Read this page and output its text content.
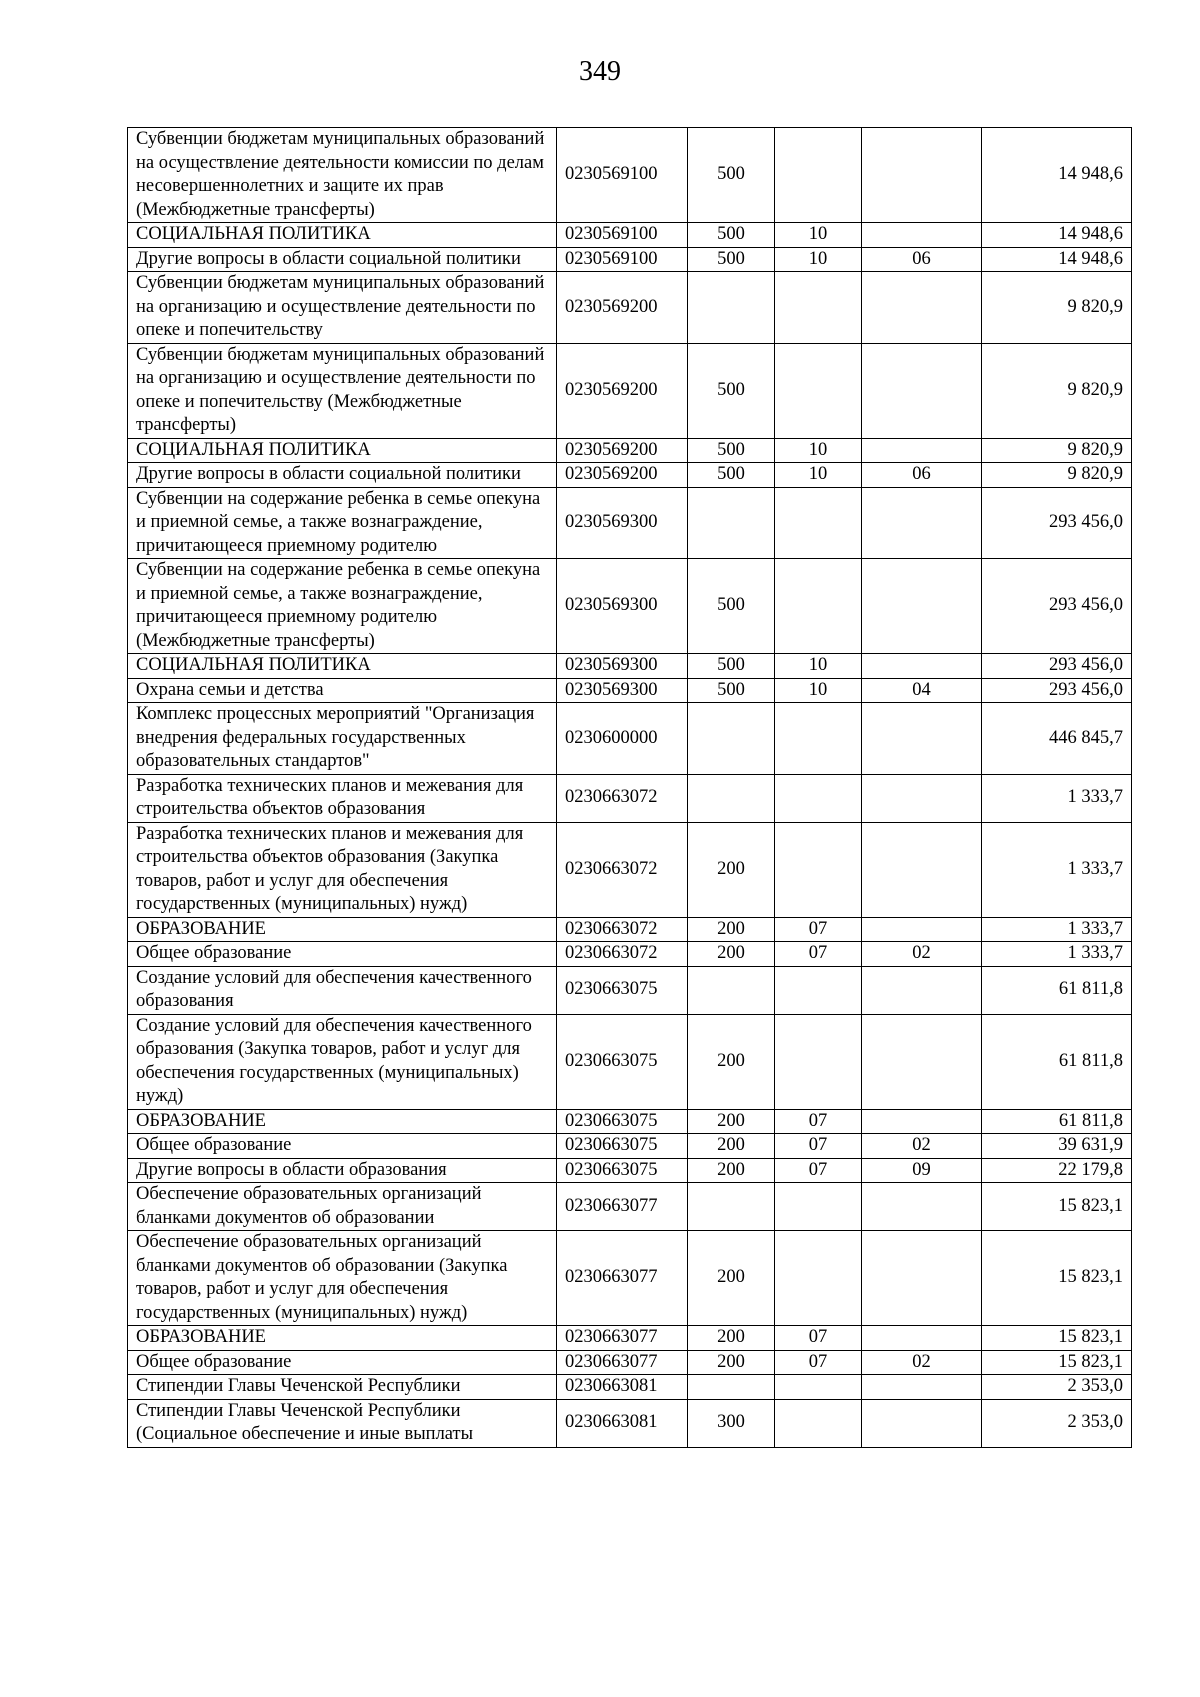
349
Субвенции бюджетам муниципальных образований на осуществление деятельности комиссии по делам несовершеннолетних и защите их прав (Межбюджетные трансферты)	0230569100	500			14 948,6
СОЦИАЛЬНАЯ ПОЛИТИКА	0230569100	500	10		14 948,6
Другие вопросы в области социальной политики	0230569100	500	10	06	14 948,6
Субвенции бюджетам муниципальных образований на организацию и осуществление деятельности по опеке и попечительству	0230569200				9 820,9
Субвенции бюджетам муниципальных образований на организацию и осуществление деятельности по опеке и попечительству (Межбюджетные трансферты)	0230569200	500			9 820,9
СОЦИАЛЬНАЯ ПОЛИТИКА	0230569200	500	10		9 820,9
Другие вопросы в области социальной политики	0230569200	500	10	06	9 820,9
Субвенции на содержание ребенка в семье опекуна и приемной семье, а также вознаграждение, причитающееся приемному родителю	0230569300				293 456,0
Субвенции на содержание ребенка в семье опекуна и приемной семье, а также вознаграждение, причитающееся приемному родителю (Межбюджетные трансферты)	0230569300	500			293 456,0
СОЦИАЛЬНАЯ ПОЛИТИКА	0230569300	500	10		293 456,0
Охрана семьи и детства	0230569300	500	10	04	293 456,0
Комплекс процессных мероприятий "Организация внедрения федеральных государственных образовательных стандартов"	0230600000				446 845,7
Разработка технических планов и межевания для строительства объектов образования	0230663072				1 333,7
Разработка технических планов и межевания для строительства объектов образования (Закупка товаров, работ и услуг для обеспечения государственных (муниципальных) нужд)	0230663072	200			1 333,7
ОБРАЗОВАНИЕ	0230663072	200	07		1 333,7
Общее образование	0230663072	200	07	02	1 333,7
Создание условий для обеспечения качественного образования	0230663075				61 811,8
Создание условий для обеспечения качественного образования (Закупка товаров, работ и услуг для обеспечения государственных (муниципальных) нужд)	0230663075	200			61 811,8
ОБРАЗОВАНИЕ	0230663075	200	07		61 811,8
Общее образование	0230663075	200	07	02	39 631,9
Другие вопросы в области образования	0230663075	200	07	09	22 179,8
Обеспечение образовательных организаций бланками документов об образовании	0230663077				15 823,1
Обеспечение образовательных организаций бланками документов об образовании (Закупка товаров, работ и услуг для обеспечения государственных (муниципальных) нужд)	0230663077	200			15 823,1
ОБРАЗОВАНИЕ	0230663077	200	07		15 823,1
Общее образование	0230663077	200	07	02	15 823,1
Стипендии Главы Чеченской Республики	0230663081				2 353,0
Стипендии Главы Чеченской Республики (Социальное обеспечение и иные выплаты	0230663081	300			2 353,0
